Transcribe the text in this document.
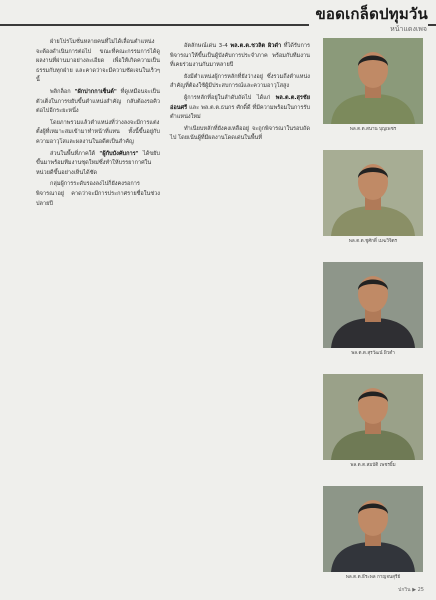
ขอดเกล็ดปทุมวัน
หน้าแดงเพจ

ฝ่ายโปรโมชั่นหลายคนที่ไม่ได้เลื่อนตำแหน่ง จะต้องดำเนินการต่อไป ขณะที่คณะกรรมการได้ดูผลงานที่ผ่านมาอย่างละเอียด เพื่อให้เกิดความเป็นธรรมกับทุกฝ่าย และคาดว่าจะมีความชัดเจนในเร็วๆ นี้

พลิกล็อก "ผักปากกาเซ็นต์" ที่ดูเหมือนจะเป็นตัวเต็งในการขยับขึ้นตำแหน่งสำคัญ กลับต้องรอคิวต่อไปอีกระยะหนึ่ง

โดยภาพรวมแล้วตำแหน่งที่ว่างลงจะมีการแต่งตั้งผู้ที่เหมาะสมเข้ามาทำหน้าที่แทน ทั้งนี้ขึ้นอยู่กับความอาวุโสและผลงานในอดีตเป็นสำคัญ

ส่วนในพื้นที่ภาคใต้ "ผู้กับบังคับการ" ได้ขยับขึ้นมาพร้อมทีมงานชุดใหม่ซึ่งทำให้บรรยากาศในหน่วยดีขึ้นอย่างเห็นได้ชัด

กลุ่มผู้การระดับรองลงไปก็ยังคงรอการพิจารณาอยู่ คาดว่าจะมีการประกาศรายชื่อในช่วงปลายปี

อัตลักษณ์เด่น 3-4 พล.ต.ต.ชวลิต ผิวดำ ที่ได้รับการพิจารณาให้ขึ้นเป็นผู้บังคับการประจำภาค พร้อมกับทีมงานที่เคยร่วมงานกันมาหลายปี

ยังมีตำแหน่งผู้การหลักที่ยังว่างอยู่ ซึ่งรวมถึงตำแหน่งสำคัญที่ต้องใช้ผู้มีประสบการณ์และความอาวุโสสูง

ผู้การหลักที่อยู่ในลำดับถัดไป ได้แก่ พล.ต.ต.สุรชัย อ่อนศรี และ พล.ต.ต.ธนกร ศักดิ์ดี ที่มีความพร้อมในการรับตำแหน่งใหม่

ทำเนียบหลักที่ยังคงเหลืออยู่ จะถูกพิจารณาในรอบถัดไป โดยเน้นผู้ที่มีผลงานโดดเด่นในพื้นที่

พล.ต.ต.สนาน บุญเพชร
พล.ต.ต.ชูศักดิ์ เมฆวิจิตร
พล.ต.ต.สุรวัฒน์ ผิวดำ
พล.ต.ต.สมบัติ เพชรยิ้ม
พล.ต.ต.ธีระพล กาญจนสุรีย์
ปกวิน ▶ 25
